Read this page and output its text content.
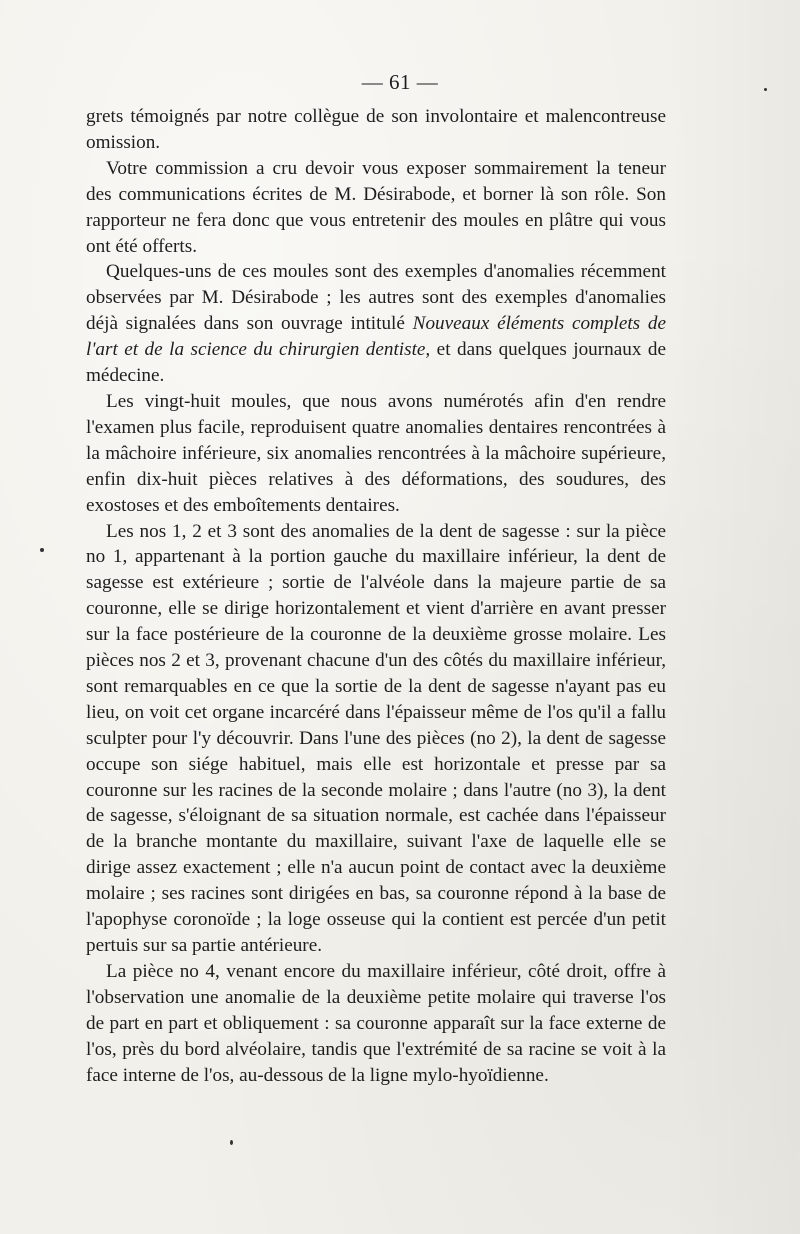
— 61 —

grets témoignés par notre collègue de son involontaire et malencontreuse omission.

Votre commission a cru devoir vous exposer sommairement la teneur des communications écrites de M. Désirabode, et borner là son rôle. Son rapporteur ne fera donc que vous entretenir des moules en plâtre qui vous ont été offerts.

Quelques-uns de ces moules sont des exemples d'anomalies récemment observées par M. Désirabode ; les autres sont des exemples d'anomalies déjà signalées dans son ouvrage intitulé Nouveaux éléments complets de l'art et de la science du chirurgien dentiste, et dans quelques journaux de médecine.

Les vingt-huit moules, que nous avons numérotés afin d'en rendre l'examen plus facile, reproduisent quatre anomalies dentaires rencontrées à la mâchoire inférieure, six anomalies rencontrées à la mâchoire supérieure, enfin dix-huit pièces relatives à des déformations, des soudures, des exostoses et des emboîtements dentaires.

Les nos 1, 2 et 3 sont des anomalies de la dent de sagesse : sur la pièce no 1, appartenant à la portion gauche du maxillaire inférieur, la dent de sagesse est extérieure ; sortie de l'alvéole dans la majeure partie de sa couronne, elle se dirige horizontalement et vient d'arrière en avant presser sur la face postérieure de la couronne de la deuxième grosse molaire. Les pièces nos 2 et 3, provenant chacune d'un des côtés du maxillaire inférieur, sont remarquables en ce que la sortie de la dent de sagesse n'ayant pas eu lieu, on voit cet organe incarcéré dans l'épaisseur même de l'os qu'il a fallu sculpter pour l'y découvrir. Dans l'une des pièces (no 2), la dent de sagesse occupe son siége habituel, mais elle est horizontale et presse par sa couronne sur les racines de la seconde molaire ; dans l'autre (no 3), la dent de sagesse, s'éloignant de sa situation normale, est cachée dans l'épaisseur de la branche montante du maxillaire, suivant l'axe de laquelle elle se dirige assez exactement ; elle n'a aucun point de contact avec la deuxième molaire ; ses racines sont dirigées en bas, sa couronne répond à la base de l'apophyse coronoïde ; la loge osseuse qui la contient est percée d'un petit pertuis sur sa partie antérieure.

La pièce no 4, venant encore du maxillaire inférieur, côté droit, offre à l'observation une anomalie de la deuxième petite molaire qui traverse l'os de part en part et obliquement : sa couronne apparaît sur la face externe de l'os, près du bord alvéolaire, tandis que l'extrémité de sa racine se voit à la face interne de l'os, au-dessous de la ligne mylo-hyoïdienne.
